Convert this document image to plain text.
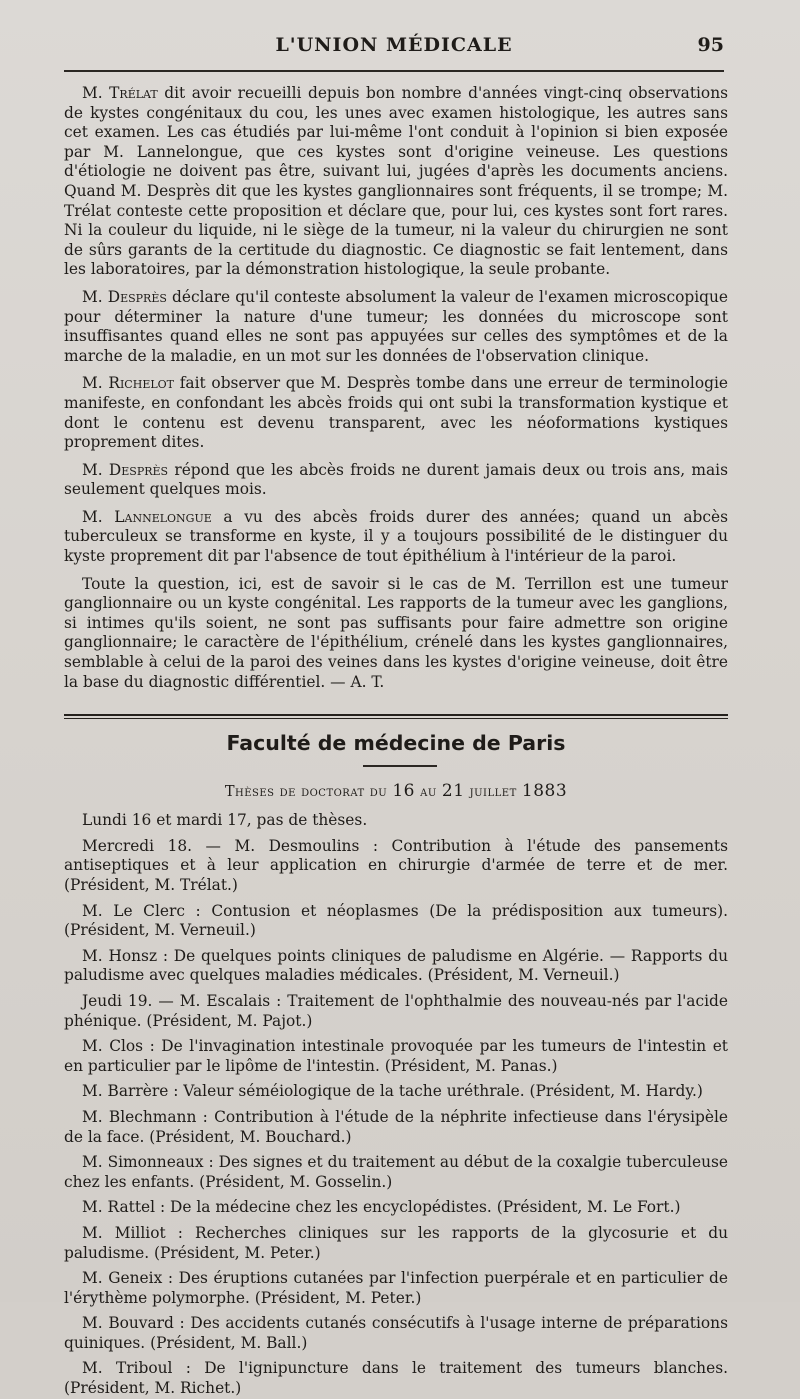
L'UNION MÉDICALE	95

M. Trélat dit avoir recueilli depuis bon nombre d'années vingt-cinq observations de kystes congénitaux du cou, les unes avec examen histologique, les autres sans cet examen. Les cas étudiés par lui-même l'ont conduit à l'opinion si bien exposée par M. Lannelongue, que ces kystes sont d'origine veineuse. Les questions d'étiologie ne doivent pas être, suivant lui, jugées d'après les documents anciens. Quand M. Desprès dit que les kystes ganglionnaires sont fréquents, il se trompe; M. Trélat conteste cette proposition et déclare que, pour lui, ces kystes sont fort rares. Ni la couleur du liquide, ni le siège de la tumeur, ni la valeur du chirurgien ne sont de sûrs garants de la certitude du diagnostic. Ce diagnostic se fait lentement, dans les laboratoires, par la démonstration histologique, la seule probante.

M. Desprès déclare qu'il conteste absolument la valeur de l'examen microscopique pour déterminer la nature d'une tumeur; les données du microscope sont insuffisantes quand elles ne sont pas appuyées sur celles des symptômes et de la marche de la maladie, en un mot sur les données de l'observation clinique.

M. Richelot fait observer que M. Desprès tombe dans une erreur de terminologie manifeste, en confondant les abcès froids qui ont subi la transformation kystique et dont le contenu est devenu transparent, avec les néoformations kystiques proprement dites.

M. Desprès répond que les abcès froids ne durent jamais deux ou trois ans, mais seulement quelques mois.

M. Lannelongue a vu des abcès froids durer des années; quand un abcès tuberculeux se transforme en kyste, il y a toujours possibilité de le distinguer du kyste proprement dit par l'absence de tout épithélium à l'intérieur de la paroi.

Toute la question, ici, est de savoir si le cas de M. Terrillon est une tumeur ganglionnaire ou un kyste congénital. Les rapports de la tumeur avec les ganglions, si intimes qu'ils soient, ne sont pas suffisants pour faire admettre son origine ganglionnaire; le caractère de l'épithélium, crénelé dans les kystes ganglionnaires, semblable à celui de la paroi des veines dans les kystes d'origine veineuse, doit être la base du diagnostic différentiel. — A. T.

Faculté de médecine de Paris
Thèses de doctorat du 16 au 21 juillet 1883

Lundi 16 et mardi 17, pas de thèses.

Mercredi 18. — M. Desmoulins : Contribution à l'étude des pansements antiseptiques et à leur application en chirurgie d'armée de terre et de mer. (Président, M. Trélat.)

M. Le Clerc : Contusion et néoplasmes (De la prédisposition aux tumeurs). (Président, M. Verneuil.)

M. Honsz : De quelques points cliniques de paludisme en Algérie. — Rapports du paludisme avec quelques maladies médicales. (Président, M. Verneuil.)

Jeudi 19. — M. Escalais : Traitement de l'ophthalmie des nouveau-nés par l'acide phénique. (Président, M. Pajot.)

M. Clos : De l'invagination intestinale provoquée par les tumeurs de l'intestin et en particulier par le lipôme de l'intestin. (Président, M. Panas.)

M. Barrère : Valeur séméiologique de la tache uréthrale. (Président, M. Hardy.)

M. Blechmann : Contribution à l'étude de la néphrite infectieuse dans l'érysipèle de la face. (Président, M. Bouchard.)

M. Simonneaux : Des signes et du traitement au début de la coxalgie tuberculeuse chez les enfants. (Président, M. Gosselin.)

M. Rattel : De la médecine chez les encyclopédistes. (Président, M. Le Fort.)

M. Milliot : Recherches cliniques sur les rapports de la glycosurie et du paludisme. (Président, M. Peter.)

M. Geneix : Des éruptions cutanées par l'infection puerpérale et en particulier de l'érythème polymorphe. (Président, M. Peter.)

M. Bouvard : Des accidents cutanés consécutifs à l'usage interne de préparations quiniques. (Président, M. Ball.)

M. Triboul : De l'ignipuncture dans le traitement des tumeurs blanches. (Président, M. Richet.)
